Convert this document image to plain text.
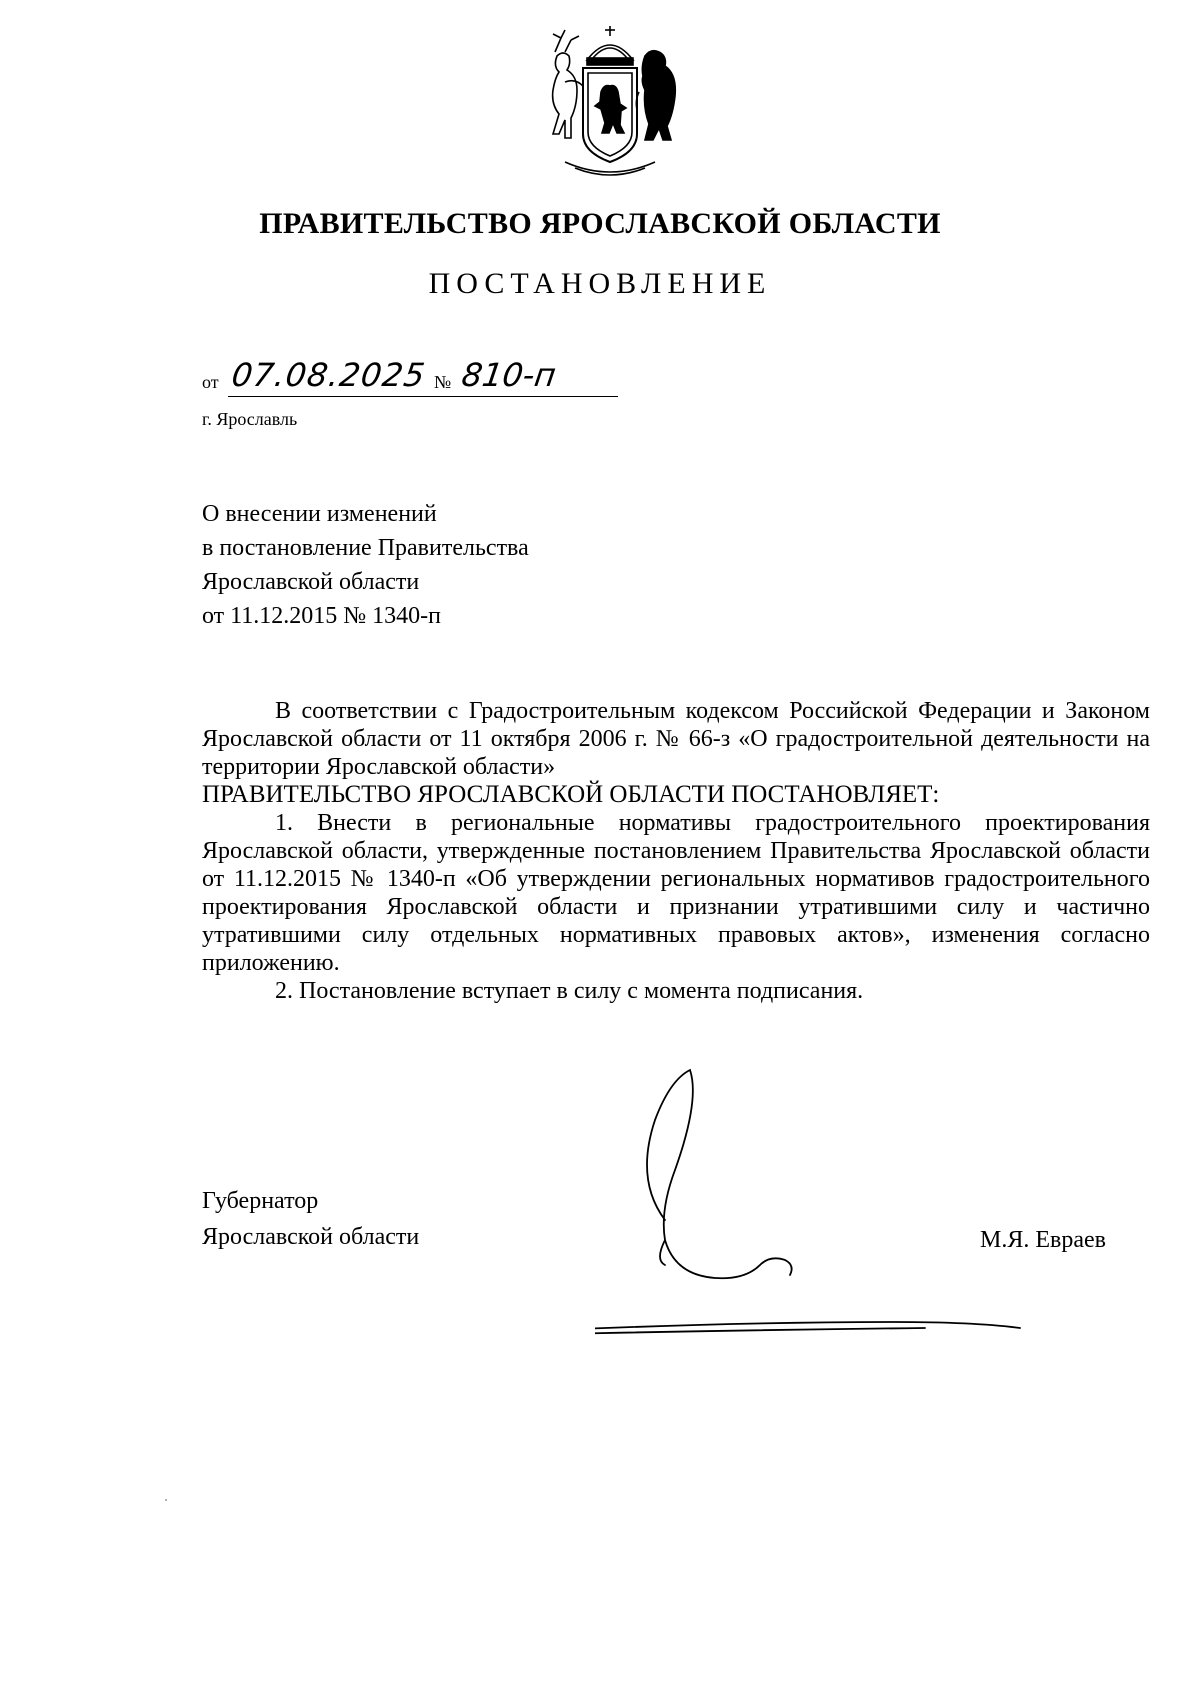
ПРАВИТЕЛЬСТВО ЯРОСЛАВСКОЙ ОБЛАСТИ
ПОСТАНОВЛЕНИЕ
от 07.08.2025 № 810-п
г. Ярославль
О внесении изменений
в постановление Правительства
Ярославской области
от 11.12.2015 № 1340-п
В соответствии с Градостроительным кодексом Российской Федерации и Законом Ярославской области от 11 октября 2006 г. № 66-з «О градостроительной деятельности на территории Ярославской области»
ПРАВИТЕЛЬСТВО ЯРОСЛАВСКОЙ ОБЛАСТИ ПОСТАНОВЛЯЕТ:
1. Внести в региональные нормативы градостроительного проектирования Ярославской области, утвержденные постановлением Правительства Ярославской области от 11.12.2015 № 1340-п «Об утверждении региональных нормативов градостроительного проектирования Ярославской области и признании утратившими силу и частично утратившими силу отдельных нормативных правовых актов», изменения согласно приложению.
2. Постановление вступает в силу с момента подписания.
Губернатор
Ярославской области	М.Я. Евраев
